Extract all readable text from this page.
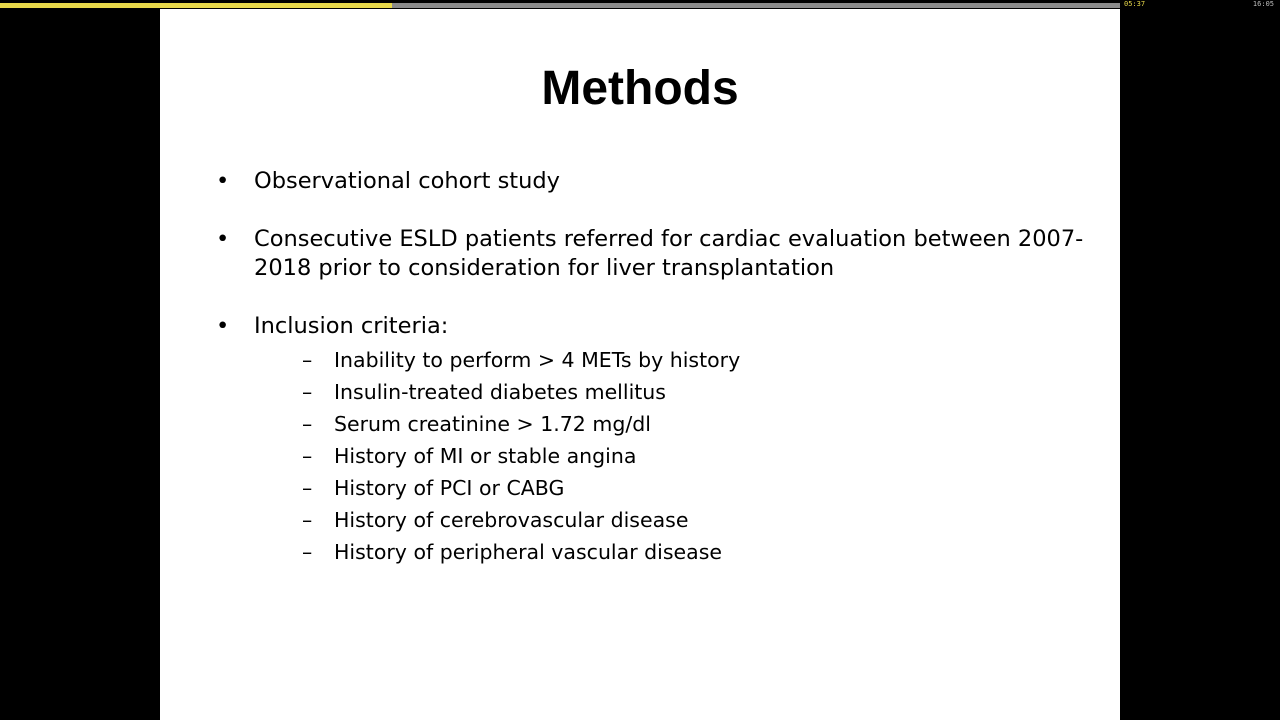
05:37	16:05
Methods
• Observational cohort study
• Consecutive ESLD patients referred for cardiac evaluation between 2007-2018 prior to consideration for liver transplantation
• Inclusion criteria:
– Inability to perform > 4 METs by history
– Insulin-treated diabetes mellitus
– Serum creatinine > 1.72 mg/dl
– History of MI or stable angina
– History of PCI or CABG
– History of cerebrovascular disease
– History of peripheral vascular disease
